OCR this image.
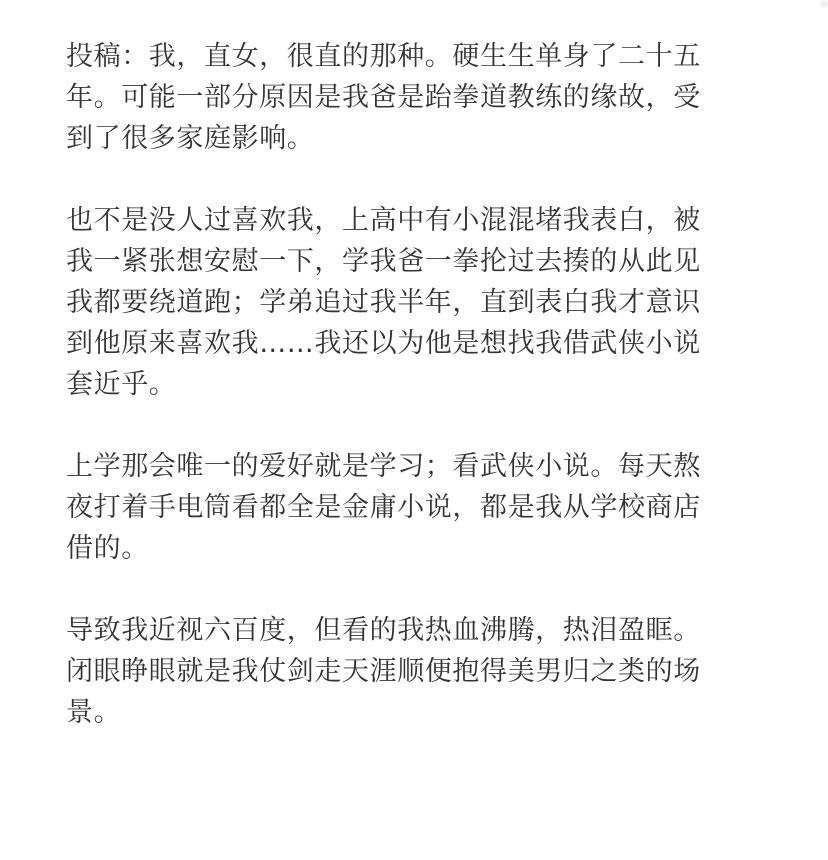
投稿：我，直女，很直的那种。硬生生单身了二十五
年。可能一部分原因是我爸是跆拳道教练的缘故，受
到了很多家庭影响。

也不是没人过喜欢我，上高中有小混混堵我表白，被
我一紧张想安慰一下，学我爸一拳抡过去揍的从此见
我都要绕道跑；学弟追过我半年，直到表白我才意识
到他原来喜欢我……我还以为他是想找我借武侠小说
套近乎。

上学那会唯一的爱好就是学习；看武侠小说。每天熬
夜打着手电筒看都全是金庸小说，都是我从学校商店
借的。

导致我近视六百度，但看的我热血沸腾，热泪盈眶。
闭眼睁眼就是我仗剑走天涯顺便抱得美男归之类的场
景。
